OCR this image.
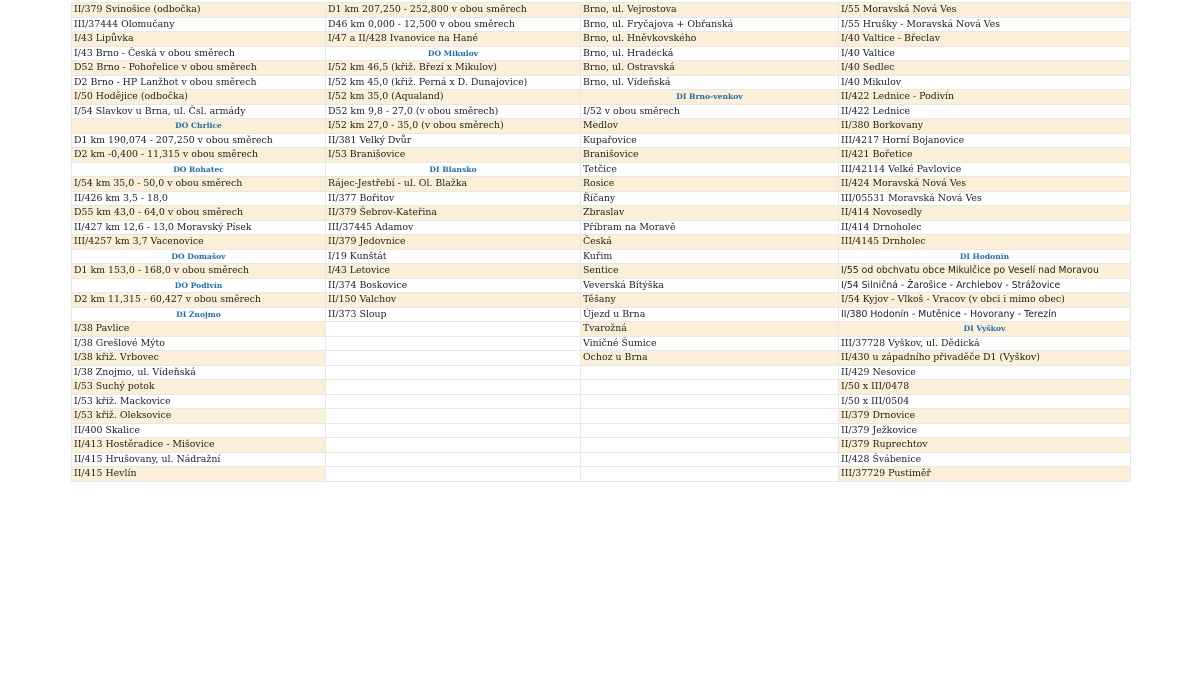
II/379 Svinošice (odbočka)	D1 km 207,250 - 252,800 v obou směrech	Brno, ul. Vejrostova	I/55 Moravská Nová Ves
III/37444 Olomučany	D46 km 0,000 - 12,500 v obou směrech	Brno, ul. Fryčajova + Obřanská	I/55 Hrušky - Moravská Nová Ves
I/43 Lipůvka	I/47 a II/428 Ivanovice na Hané	Brno, ul. Hněvkovského	I/40 Valtice - Břeclav
I/43 Brno - Česká v obou směrech	DO Mikulov	Brno, ul. Hradecká	I/40 Valtice
D52 Brno - Pohořelice v obou směrech	I/52 km 46,5 (křiž. Březí x Mikulov)	Brno, ul. Ostravská	I/40 Sedlec
D2 Brno - HP Lanžhot v obou směrech	I/52 km 45,0 (křiž. Perná x D. Dunajovice)	Brno, ul. Vídeňská	I/40 Mikulov
I/50 Hodějice (odbočka)	I/52 km 35,0 (Aqualand)	DI Brno-venkov	II/422 Lednice - Podivín
I/54 Slavkov u Brna, ul. Čsl. armády	D52 km 9,8 - 27,0 (v obou směrech)	I/52 v obou směrech	II/422 Lednice
DO Chrlice	I/52 km 27,0 - 35,0 (v obou směrech)	Medlov	II/380 Borkovany
D1 km 190,074 - 207,250 v obou směrech	II/381 Velký Dvůr	Kupařovice	III/4217 Horní Bojanovice
D2 km -0,400 - 11,315 v obou směrech	I/53 Branišovice	Branišovice	II/421 Bořetice
DO Rohatec	DI Blansko	Tetčice	III/42114 Velké Pavlovice
I/54 km 35,0 - 50,0 v obou směrech	Rájec-Jestřebí - ul. Ol. Blažka	Rosice	II/424 Moravská Nová Ves
II/426 km 3,5 - 18,0	II/377 Bořitov	Říčany	III/05531 Moravská Nová Ves
D55 km 43,0 - 64,0 v obou směrech	II/379 Šebrov-Kateřina	Zbraslav	II/414 Novosedly
II/427 km 12,6 - 13,0 Moravský Písek	III/37445 Adamov	Příbram na Moravě	II/414 Drnoholec
III/4257 km 3,7 Vacenovice	II/379 Jedovnice	Česká	III/4145 Drnholec
DO Domašov	I/19 Kunštát	Kuřim	DI Hodonín
D1 km 153,0 - 168,0 v obou směrech	I/43 Letovice	Sentice	I/55 od obchvatu obce Mikulčice po Veselí nad Moravou
DO Podivín	II/374 Boskovice	Veverská Bítýška	I/54 Silničná - Žarošice - Archlebov - Strážovice
D2 km 11,315 - 60,427 v obou směrech	II/150 Valchov	Těšany	I/54 Kyjov - Vlkoš - Vracov (v obci i mimo obec)
DI Znojmo	II/373 Sloup	Újezd u Brna	II/380 Hodonín - Mutěnice - Hovorany - Terezín
I/38 Pavlice		Tvarožná	DI Vyškov
I/38 Grešlové Mýto		Viničné Šumice	III/37728 Vyškov, ul. Dědická
I/38 křiž. Vrbovec		Ochoz u Brna	II/430 u západního přivaděče D1 (Vyškov)
I/38 Znojmo, ul. Vídeňská			II/429 Nesovice
I/53 Suchý potok			I/50 x III/0478
I/53 křiž. Mackovice			I/50 x III/0504
I/53 křiž. Oleksovice			II/379 Drnovice
II/400 Skalice			II/379 Ježkovice
II/413 Hostěradice - Mišovice			II/379 Ruprechtov
II/415 Hrušovany, ul. Nádražní			II/428 Švábenice
II/415 Hevlín			III/37729 Pustiměř
